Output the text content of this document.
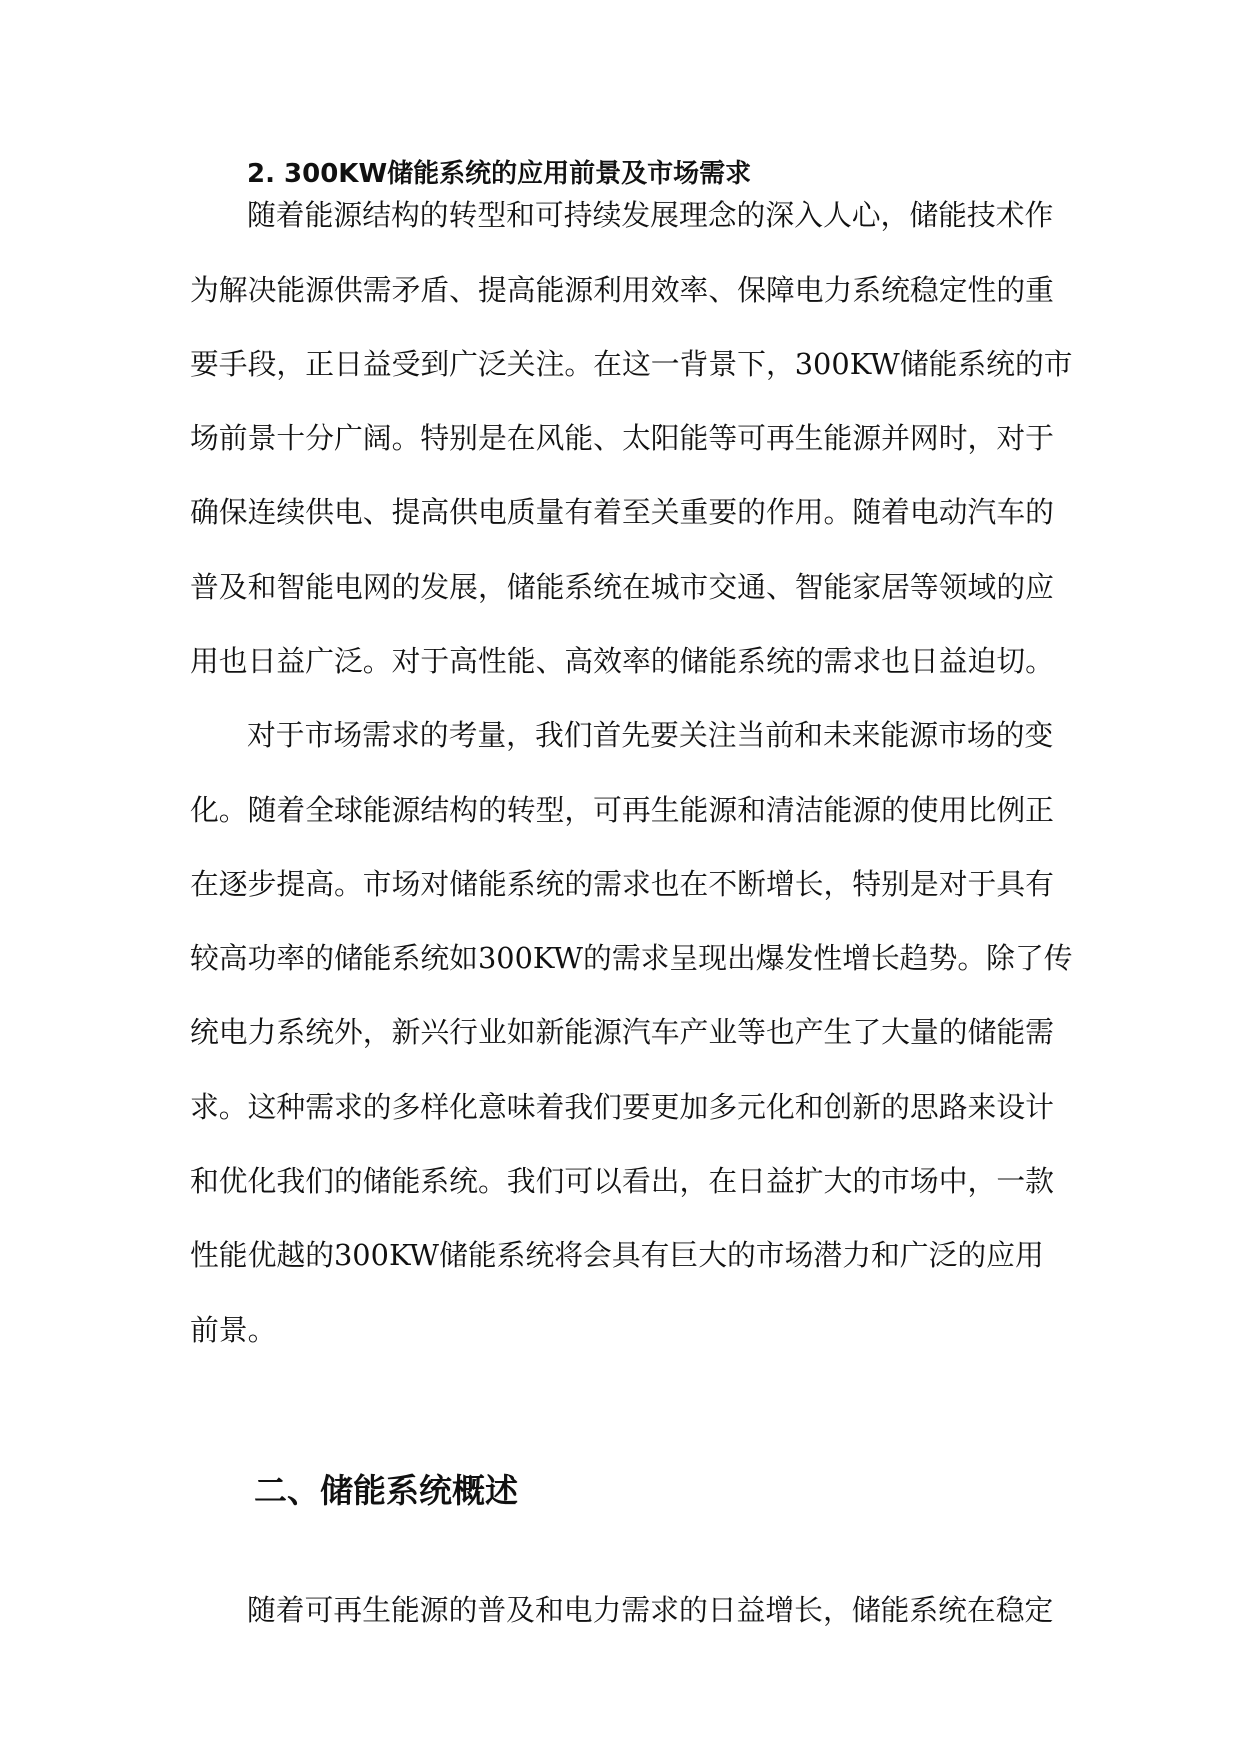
2. 300KW储能系统的应用前景及市场需求
随着能源结构的转型和可持续发展理念的深入人心，储能技术作
为解决能源供需矛盾、提高能源利用效率、保障电力系统稳定性的重
要手段，正日益受到广泛关注。在这一背景下，300KW储能系统的市
场前景十分广阔。特别是在风能、太阳能等可再生能源并网时，对于
确保连续供电、提高供电质量有着至关重要的作用。随着电动汽车的
普及和智能电网的发展，储能系统在城市交通、智能家居等领域的应
用也日益广泛。对于高性能、高效率的储能系统的需求也日益迫切。
对于市场需求的考量，我们首先要关注当前和未来能源市场的变
化。随着全球能源结构的转型，可再生能源和清洁能源的使用比例正
在逐步提高。市场对储能系统的需求也在不断增长，特别是对于具有
较高功率的储能系统如300KW的需求呈现出爆发性增长趋势。除了传
统电力系统外，新兴行业如新能源汽车产业等也产生了大量的储能需
求。这种需求的多样化意味着我们要更加多元化和创新的思路来设计
和优化我们的储能系统。我们可以看出，在日益扩大的市场中，一款
性能优越的300KW储能系统将会具有巨大的市场潜力和广泛的应用
前景。
二、储能系统概述
随着可再生能源的普及和电力需求的日益增长，储能系统在稳定
